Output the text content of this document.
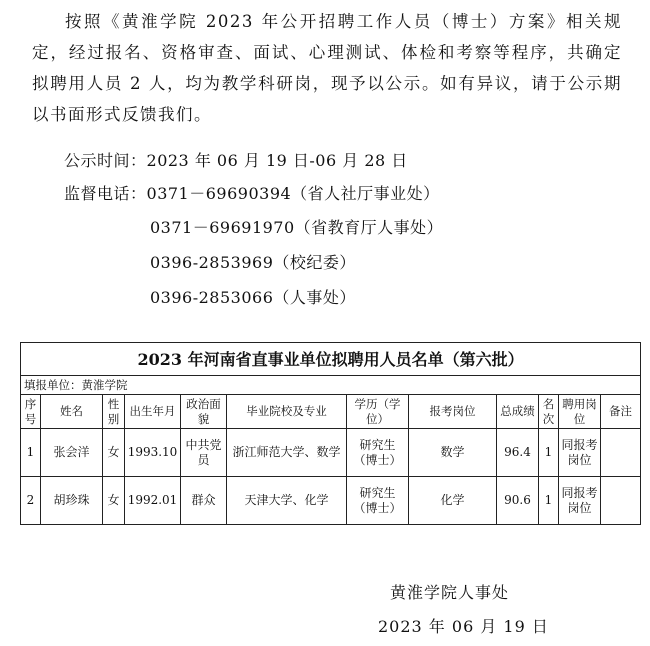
按照《黄淮学院 2023 年公开招聘工作人员（博士）方案》相关规定，经过报名、资格审查、面试、心理测试、体检和考察等程序，共确定拟聘用人员 2 人，均为教学科研岗，现予以公示。如有异议，请于公示期以书面形式反馈我们。

公示时间：2023 年 06 月 19 日-06 月 28 日
监督电话：0371－69690394（省人社厅事业处）
0371－69691970（省教育厅人事处）
0396-2853969（校纪委）
0396-2853066（人事处）
2023 年河南省直事业单位拟聘用人员名单（第六批）											
填报单位：黄淮学院											
序号	姓名	性别	出生年月	政治面貌	毕业院校及专业	学历（学位）	报考岗位	总成绩	名次	聘用岗位	备注
1	张会洋	女	1993.10	中共党员	浙江师范大学、数学	研究生（博士）	数学	96.4	1	同报考岗位	
2	胡珍珠	女	1992.01	群众	天津大学、化学	研究生（博士）	化学	90.6	1	同报考岗位	
黄淮学院人事处
2023 年 06 月 19 日
